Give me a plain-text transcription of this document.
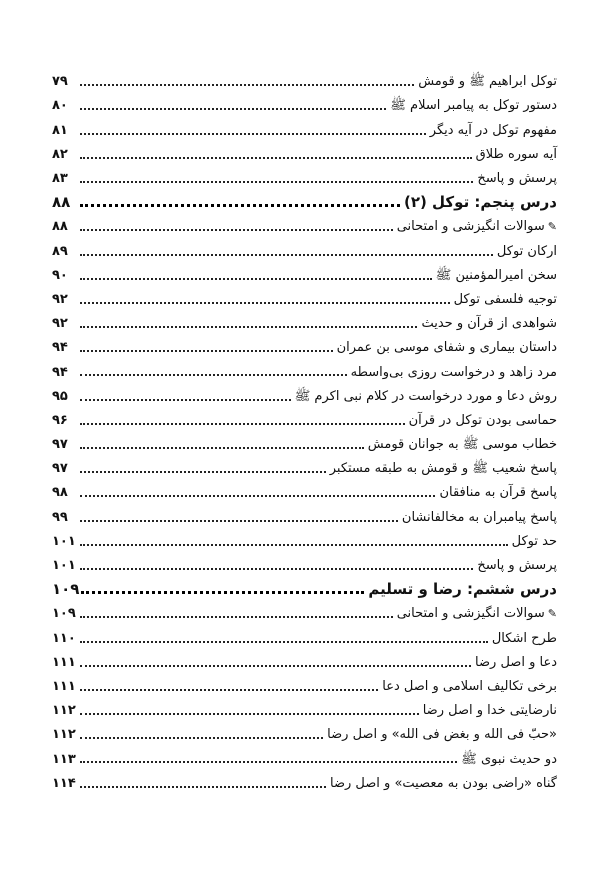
توکل ابراهیم ﷺ و قومش
۷۹
دستور توکل به پیامبر اسلام ﷺ
۸۰
مفهوم توکل در آیه دیگر
۸۱
آیه سوره طلاق
۸۲
پرسش و پاسخ
۸۳
درس پنجم: توکل (۲)
۸۸
✎سوالات انگیزشی و امتحانی
۸۸
ارکان توکل
۸۹
سخن امیرالمؤمنین ﷺ
۹۰
توجیه فلسفی توکل
۹۲
شواهدی از قرآن و حدیث
۹۲
داستان بیماری و شفای موسی بن عمران
۹۴
مرد زاهد و درخواست روزی بی‌واسطه
۹۴
روش دعا و مورد درخواست در کلام نبی اکرم ﷺ
۹۵
حماسی بودن توکل در قرآن
۹۶
خطاب موسی ﷺ به جوانان قومش
۹۷
پاسخ شعیب ﷺ و قومش به طبقه مستکبر
۹۷
پاسخ قرآن به منافقان
۹۸
پاسخ پیامبران به مخالفانشان
۹۹
حد توکل
۱۰۱
پرسش و پاسخ
۱۰۱
درس ششم: رضا و تسلیم
۱۰۹
✎سوالات انگیزشی و امتحانی
۱۰۹
طرح اشکال
۱۱۰
دعا و اصل رضا
۱۱۱
برخی تکالیف اسلامی و اصل دعا
۱۱۱
نارضایتی خدا و اصل رضا
۱۱۲
«حبّ فی الله و بغض فی الله» و اصل رضا
۱۱۲
دو حدیث نبوی ﷺ
۱۱۳
گناه «راضی بودن به معصیت» و اصل رضا
۱۱۴
